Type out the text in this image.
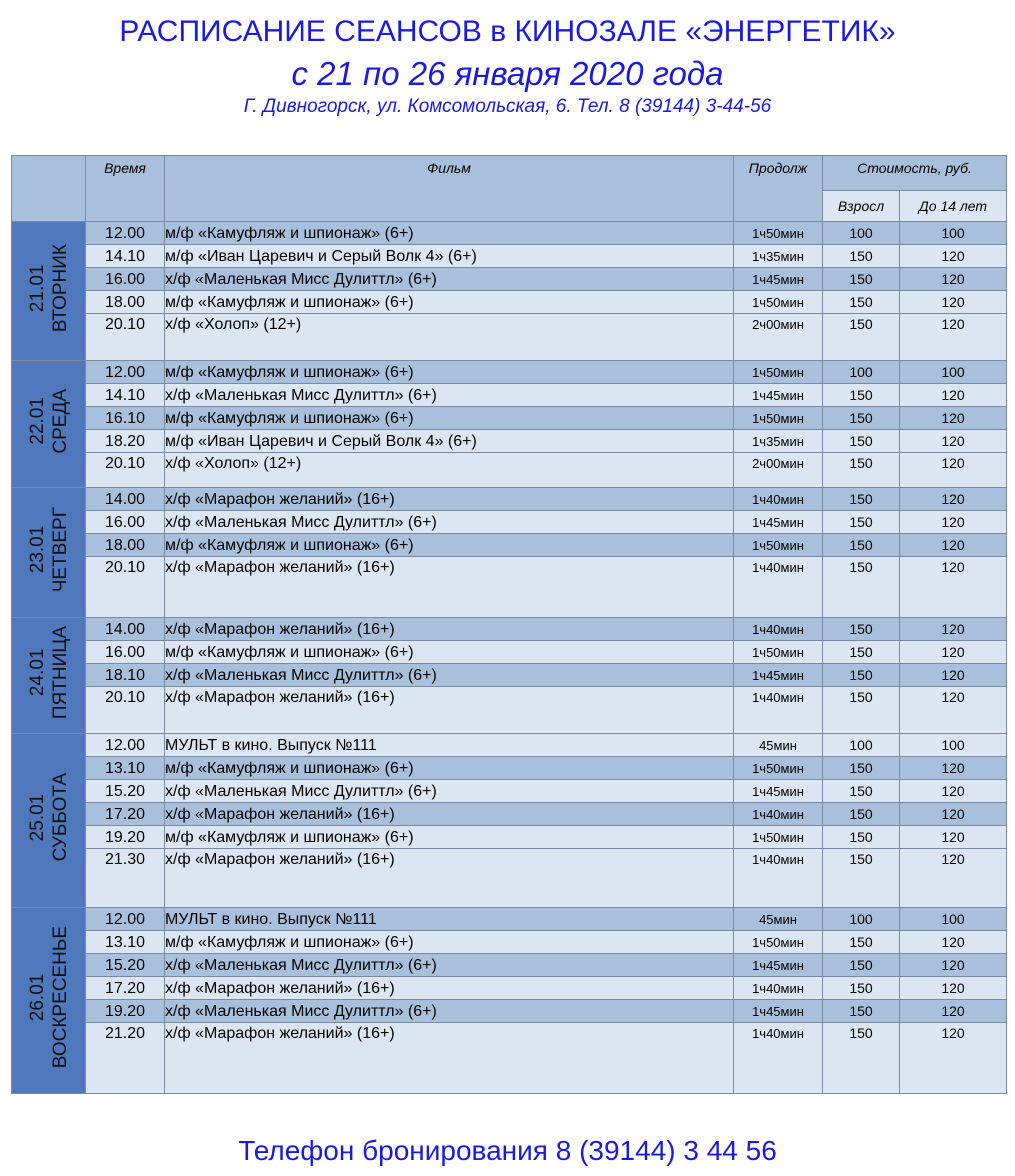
РАСПИСАНИЕ СЕАНСОВ в КИНОЗАЛЕ «ЭНЕРГЕТИК»
с 21 по 26 января 2020 года
Г. Дивногорск, ул. Комсомольская, 6. Тел. 8 (39144) 3-44-56
	Время	Фильм	Продолж	Стоимость, руб.	
				Взросл	До 14 лет
21.01 ВТОРНИК	12.00	м/ф «Камуфляж и шпионаж» (6+)	1ч50мин	100	100
	14.10	м/ф «Иван Царевич и Серый Волк 4» (6+)	1ч35мин	150	120
	16.00	х/ф «Маленькая Мисс Дулиттл» (6+)	1ч45мин	150	120
	18.00	м/ф «Камуфляж и шпионаж» (6+)	1ч50мин	150	120
	20.10	х/ф «Холоп» (12+)	2ч00мин	150	120
22.01 СРЕДА	12.00	м/ф «Камуфляж и шпионаж» (6+)	1ч50мин	100	100
	14.10	х/ф «Маленькая Мисс Дулиттл» (6+)	1ч45мин	150	120
	16.10	м/ф «Камуфляж и шпионаж» (6+)	1ч50мин	150	120
	18.20	м/ф «Иван Царевич и Серый Волк 4» (6+)	1ч35мин	150	120
	20.10	х/ф «Холоп» (12+)	2ч00мин	150	120
23.01 ЧЕТВЕРГ	14.00	х/ф «Марафон желаний» (16+)	1ч40мин	150	120
	16.00	х/ф «Маленькая Мисс Дулиттл» (6+)	1ч45мин	150	120
	18.00	м/ф «Камуфляж и шпионаж» (6+)	1ч50мин	150	120
	20.10	х/ф «Марафон желаний» (16+)	1ч40мин	150	120
24.01 ПЯТНИЦА	14.00	х/ф «Марафон желаний» (16+)	1ч40мин	150	120
	16.00	м/ф «Камуфляж и шпионаж» (6+)	1ч50мин	150	120
	18.10	х/ф «Маленькая Мисс Дулиттл» (6+)	1ч45мин	150	120
	20.10	х/ф «Марафон желаний» (16+)	1ч40мин	150	120
25.01 СУББОТА	12.00	МУЛЬТ в кино. Выпуск №111	45мин	100	100
	13.10	м/ф «Камуфляж и шпионаж» (6+)	1ч50мин	150	120
	15.20	х/ф «Маленькая Мисс Дулиттл» (6+)	1ч45мин	150	120
	17.20	х/ф «Марафон желаний» (16+)	1ч40мин	150	120
	19.20	м/ф «Камуфляж и шпионаж» (6+)	1ч50мин	150	120
	21.30	х/ф «Марафон желаний» (16+)	1ч40мин	150	120
26.01 ВОСКРЕСЕНЬЕ	12.00	МУЛЬТ в кино. Выпуск №111	45мин	100	100
	13.10	м/ф «Камуфляж и шпионаж» (6+)	1ч50мин	150	120
	15.20	х/ф «Маленькая Мисс Дулиттл» (6+)	1ч45мин	150	120
	17.20	х/ф «Марафон желаний» (16+)	1ч40мин	150	120
	19.20	х/ф «Маленькая Мисс Дулиттл» (6+)	1ч45мин	150	120
	21.20	х/ф «Марафон желаний» (16+)	1ч40мин	150	120
Телефон бронирования 8 (39144) 3 44 56
